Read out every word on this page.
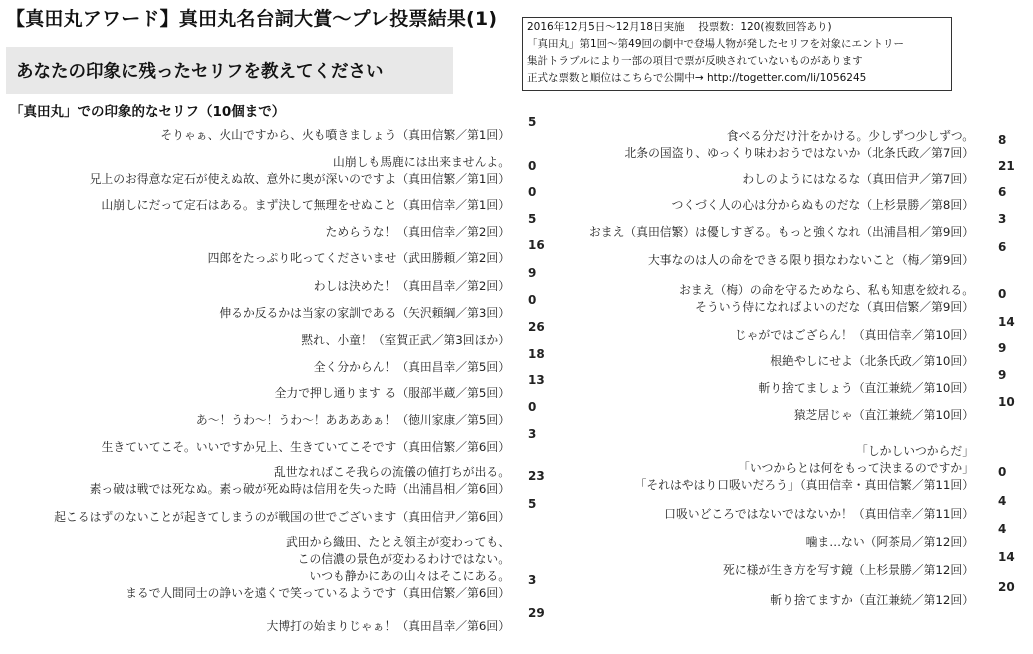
【真田丸アワード】真田丸名台詞大賞〜プレ投票結果(1)	2016年12月5日〜12月18日実施　 投票数：120(複数回答あり)
「真田丸」第1回〜第49回の劇中で登場人物が発したセリフを対象にエントリー
集計トラブルにより一部の項目で票が反映されていないものがあります
正式な票数と順位はこちらで公開中→ http://togetter.com/li/1056245
あなたの印象に残ったセリフを教えてください
「真田丸」での印象的なセリフ（10個まで）
そりゃぁ、火山ですから、火も噴きましょう（真田信繁／第1回）
5
山崩しも馬鹿には出来ませんよ。
兄上のお得意な定石が使えぬ故、意外に奥が深いのですよ（真田信繁／第1回）
0
山崩しにだって定石はある。まず決して無理をせぬこと（真田信幸／第1回）
0
ためらうな！（真田信幸／第2回）
5
四郎をたっぷり叱ってくださいませ（武田勝頼／第2回）
16
わしは決めた！（真田昌幸／第2回）
9
伸るか反るかは当家の家訓である（矢沢頼綱／第3回）
0
黙れ、小童！（室賀正武／第3回ほか）
26
全く分からん！（真田昌幸／第5回）
18
全力で押し通ります る（服部半蔵／第5回）
13
あ〜！うわ〜！うわ〜！ああああぁ！（徳川家康／第5回）
0
生きていてこそ。いいですか兄上、生きていてこそです（真田信繁／第6回）
3
乱世なればこそ我らの流儀の値打ちが出る。
素っ破は戦では死なぬ。素っ破が死ぬ時は信用を失った時（出浦昌相／第6回）
23
起こるはずのないことが起きてしまうのが戦国の世でございます（真田信尹／第6回）
5
武田から織田、たとえ領主が変わっても、
この信濃の景色が変わるわけではない。
いつも静かにあの山々はそこにある。
まるで人間同士の諍いを遠くで笑っているようです（真田信繁／第6回）
3
大博打の始まりじゃぁ！（真田昌幸／第6回）
29
食べる分だけ汁をかける。少しずつ少しずつ。
北条の国盗り、ゆっくり味わおうではないか（北条氏政／第7回）
8
わしのようにはなるな（真田信尹／第7回）
21
つくづく人の心は分からぬものだな（上杉景勝／第8回）
6
おまえ（真田信繁）は優しすぎる。もっと強くなれ（出浦昌相／第9回）
3
大事なのは人の命をできる限り損なわないこと（梅／第9回）
6
おまえ（梅）の命を守るためなら、私も知恵を絞れる。
そういう侍になればよいのだな（真田信繁／第9回）
0
じゃがではござらん！（真田信幸／第10回）
14
根絶やしにせよ（北条氏政／第10回）
9
斬り捨てましょう（直江兼続／第10回）
9
猿芝居じゃ（直江兼続／第10回）
10
「しかしいつからだ」
「いつからとは何をもって決まるのですか」
「それはやはり口吸いだろう」（真田信幸・真田信繁／第11回）
0
口吸いどころではないではないか！（真田信幸／第11回）
4
噛ま…ない（阿茶局／第12回）
4
死に様が生き方を写す鏡（上杉景勝／第12回）
14
斬り捨てますか（直江兼続／第12回）
20
